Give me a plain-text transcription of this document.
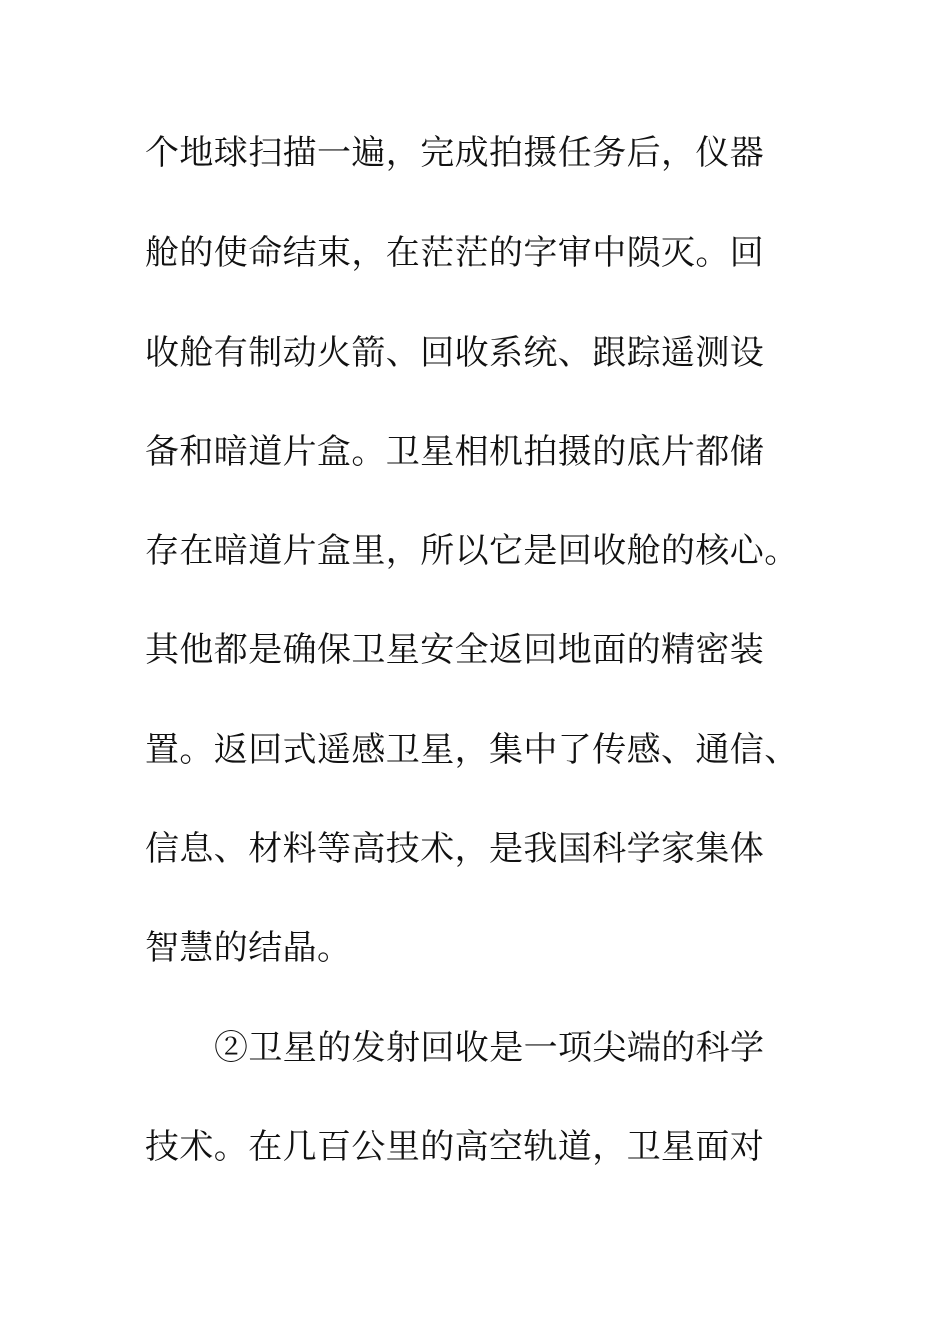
个地球扫描一遍，完成拍摄任务后，仪器
舱的使命结束，在茫茫的字审中陨灭。回
收舱有制动火箭、回收系统、跟踪遥测设
备和暗道片盒。卫星相机拍摄的底片都储
存在暗道片盒里，所以它是回收舱的核心。
其他都是确保卫星安全返回地面的精密装
置。返回式遥感卫星，集中了传感、通信、
信息、材料等高技术，是我国科学家集体
智慧的结晶。
②卫星的发射回收是一项尖端的科学
技术。在几百公里的高空轨道，卫星面对
